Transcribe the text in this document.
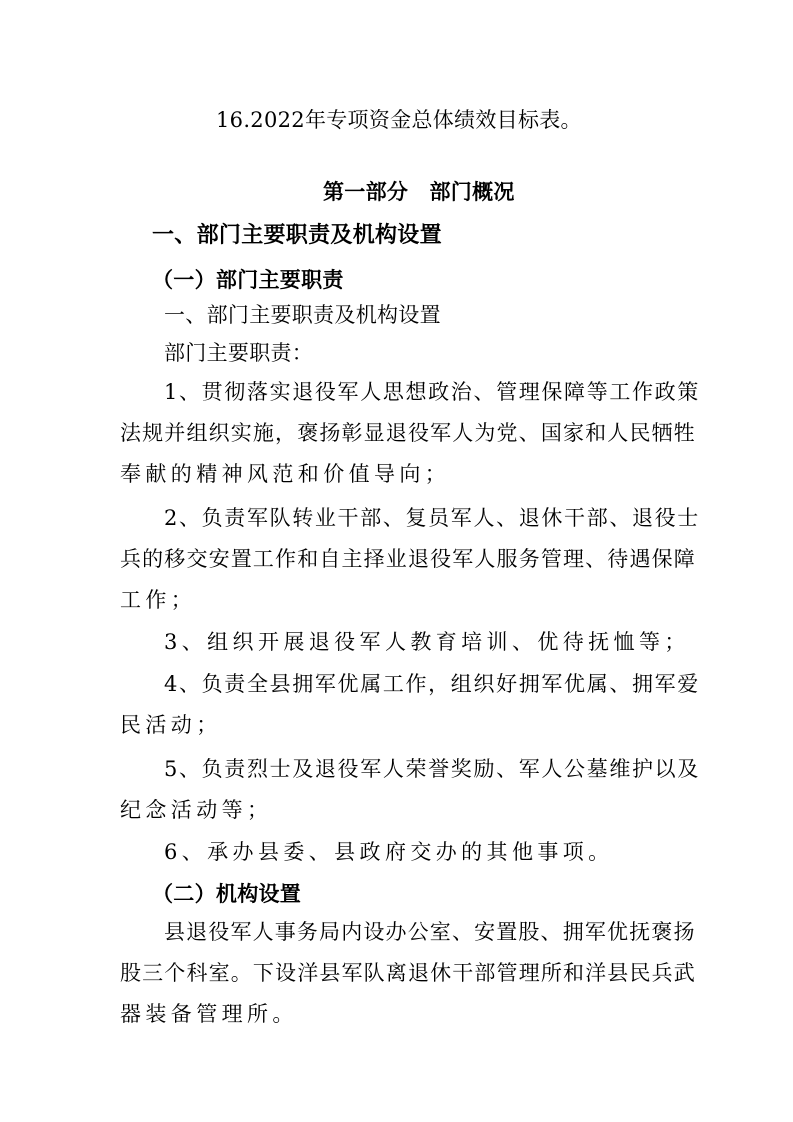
16.2022年专项资金总体绩效目标表。
第一部分　部门概况
一、部门主要职责及机构设置
（一）部门主要职责
一、部门主要职责及机构设置
部门主要职责：
1、贯彻落实退役军人思想政治、管理保障等工作政策
法规并组织实施，褒扬彰显退役军人为党、国家和人民牺牲
奉献的精神风范和价值导向；
2、负责军队转业干部、复员军人、退休干部、退役士
兵的移交安置工作和自主择业退役军人服务管理、待遇保障
工作；
3、组织开展退役军人教育培训、优待抚恤等；
4、负责全县拥军优属工作，组织好拥军优属、拥军爱
民活动；
5、负责烈士及退役军人荣誉奖励、军人公墓维护以及
纪念活动等；
6、承办县委、县政府交办的其他事项。
（二）机构设置
县退役军人事务局内设办公室、安置股、拥军优抚褒扬
股三个科室。下设洋县军队离退休干部管理所和洋县民兵武
器装备管理所。
